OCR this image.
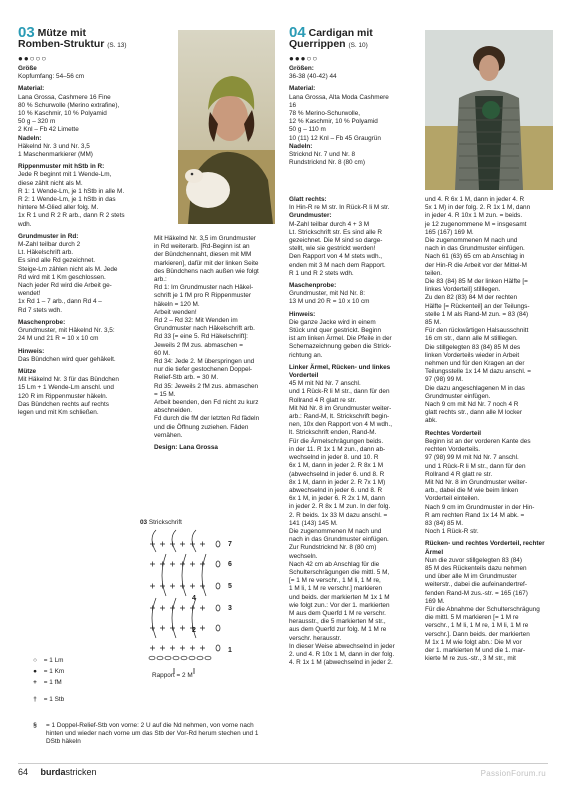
03 Mütze mit
Romben-Struktur (S. 13)
●●○○○
Größe

Kopfumfang: 54–56 cm

Material:
Lana Grossa, Cashmere 16 Fine
80 % Schurwolle (Merino extrafine),
10 % Kaschmir, 10 % Polyamid
50 g – 320 m
2 Knl – Fb 42 Limette
Nadeln:
Häkelnd Nr. 3 und Nr. 3,5
1 Maschenmarkierer (MM)
Rippenmuster mit hStb in R:
Jede R beginnt mit 1 Wende-Lm,
diese zählt nicht als M.
R 1: 1 Wende-Lm, je 1 hStb in alle M.
R 2: 1 Wende-Lm, je 1 hStb in das
hintere M-Glied aller folg. M.
1x R 1 und R 2 R arb., dann R 2 stets
wdh.
Grundmuster in Rd:
M-Zahl teilbar durch 2
Lt. Häkelschrift arb.
Es sind alle Rd gezeichnet.
Steige-Lm zählen nicht als M. Jede
Rd wird mit 1 Km geschlossen.
Nach jeder Rd wird die Arbeit ge-
wendet!
1x Rd 1 – 7 arb., dann Rd 4 –
Rd 7 stets wdh.
Maschenprobe:
Grundmuster, mit Häkelnd Nr. 3,5:
24 M und 21 R = 10 x 10 cm
Hinweis:
Das Bündchen wird quer gehäkelt.
Mütze
Mit Häkelnd Nr. 3 für das Bündchen
15 Lm + 1 Wende-Lm anschl. und
120 R im Rippenmuster häkeln.
Das Bündchen rechts auf rechts
legen und mit Km schließen.
Mit Häkelnd Nr. 3,5 im Grundmuster
in Rd weiterarb. [Rd-Beginn ist an
der Bündchennaht, diesen mit MM
markieren], dafür mit der linken Seite
des Bündchens nach außen wie folgt
arb.:
Rd 1: Im Grundmuster nach Häkel-
schrift je 1 fM pro R Rippenmuster
häkeln = 120 M.
Arbeit wenden!
Rd 2 – Rd 32: Mit Wenden im
Grundmuster nach Häkelschrift arb.
Rd 33 [= eine 5. Rd Häkelschrift]:
Jeweils 2 fM zus. abmaschen =
60 M.
Rd 34: Jede 2. M überspringen und
nur die tiefer gestochenen Doppel-
Relief-Stb arb. = 30 M.
Rd 35: Jeweils 2 fM zus. abmaschen
= 15 M.
Arbeit beenden, den Fd nicht zu kurz
abschneiden.
Fd durch die fM der letzten Rd fädeln
und die Öffnung zuziehen. Fäden
vernähen.

Design: Lana Grossa

03 Strickschrift
7
6
5
4
3
2
1
Rapport = 2 M
○ = 1 Lm
● = 1 Km
+ = 1 fM
† = 1 Stb
§	= 1 Doppel-Relief-Stb von vorne: 2 U auf die Nd nehmen, von vorne nach hinten und wieder nach vorne um das Stb der Vor-Rd herum stechen und 1 DStb häkeln
04 Cardigan mit
Querrippen (S. 10)
●●●○○
Größen:

36-38 (40-42) 44

Material:
Lana Grossa, Alta Moda Cashmere
16
78 % Merino-Schurwolle,
12 % Kaschmir, 10 % Polyamid
50 g – 110 m
10 (11) 12 Knl – Fb 45 Graugrün
Nadeln:
Stricknd Nr. 7 und Nr. 8
Rundstricknd Nr. 8 (80 cm)
Glatt rechts:
In Hin-R re M str. In Rück-R li M str.
Grundmuster:
M-Zahl teilbar durch 4 + 3 M
Lt. Strickschrift str. Es sind alle R
gezeichnet. Die M sind so darge-
stellt, wie sie gestrickt werden!
Den Rapport von 4 M stets wdh.,
enden mit 3 M nach dem Rapport.
R 1 und R 2 stets wdh.
Maschenprobe:
Grundmuster, mit Nd Nr. 8:
13 M und 20 R = 10 x 10 cm
Hinweis:
Die ganze Jacke wird in einem
Stück und quer gestrickt. Beginn
ist am linken Ärmel. Die Pfeile in der
Schemazeichnung geben die Strick-
richtung an.
Linker Ärmel, Rücken- und linkes Vorderteil
45 M mit Nd Nr. 7 anschl.
und 1 Rück-R li M str., dann für den
Rollrand 4 R glatt re str.
Mit Nd Nr. 8 im Grundmuster weiter-
arb.: Rand-M, lt. Strickschrift begin-
nen, 10x den Rapport von 4 M wdh.,
lt. Strickschrift enden, Rand-M.
Für die Ärmelschrägungen beids.
in der 11. R 1x 1 M zun., dann ab-
wechselnd in jeder 8. und 10. R
6x 1 M, dann in jeder 2. R 8x 1 M
(abwechselnd in jeder 6. und 8. R
8x 1 M, dann in jeder 2. R 7x 1 M)
abwechselnd in jeder 6. und 8. R
6x 1 M, in jeder 6. R 2x 1 M, dann
in jeder 2. R 8x 1 M zun. In der folg.
2. R beids. 1x 33 M dazu anschl. =
141 (143) 145 M.
Die zugenommenen M nach und
nach in das Grundmuster einfügen.
Zur Rundstricknd Nr. 8 (80 cm)
wechseln.
Nach 42 cm ab Anschlag für die
Schulterschrägungen die mittl. 5 M,
[= 1 M re verschr., 1 M li, 1 M re,
1 M li, 1 M re verschr.] markieren
und beids. der markierten M 1x 1 M
wie folgt zun.: Vor der 1. markierten
M aus dem Querfd 1 M re verschr.
herausstr., die 5 markierten M str.,
aus dem Querfd zur folg. M 1 M re
verschr. herausstr.
In dieser Weise abwechselnd in jeder
2. und 4. R 10x 1 M, dann in der folg.
4. R 1x 1 M (abwechselnd in jeder 2.
und 4. R 6x 1 M, dann in jeder 4. R
5x 1 M) in der folg. 2. R 1x 1 M, dann
in jeder 4. R 10x 1 M zun. = beids.
je 12 zugenommene M = insgesamt
165 (167) 169 M.
Die zugenommenen M nach und
nach in das Grundmuster einfügen.
Nach 61 (63) 65 cm ab Anschlag in
der Hin-R die Arbeit vor der Mittel-M
teilen.
Die 83 (84) 85 M der linken Hälfte [=
linkes Vorderteil] stilllegen.
Zu den 82 (83) 84 M der rechten
Hälfte [= Rückenteil] an der Teilungs-
stelle 1 M als Rand-M zun. = 83 (84)
85 M.
Für den rückwärtigen Halsausschnitt
16 cm str., dann alle M stilllegen.
Die stillgelegten 83 (84) 85 M des
linken Vorderteils wieder in Arbeit
nehmen und für den Kragen an der
Teilungsstelle 1x 14 M dazu anschl. =
97 (98) 99 M.
Die dazu angeschlagenen M in das
Grundmuster einfügen.
Nach 9 cm mit Nd Nr. 7 noch 4 R
glatt rechts str., dann alle M locker
abk.
Rechtes Vorderteil
Beginn ist an der vorderen Kante des
rechten Vorderteils.
97 (98) 99 M mit Nd Nr. 7 anschl.
und 1 Rück-R li M str., dann für den
Rollrand 4 R glatt re str.
Mit Nd Nr. 8 im Grundmuster weiter-
arb., dabei die M wie beim linken
Vorderteil einteilen.
Nach 9 cm im Grundmuster in der Hin-
R am rechten Rand 1x 14 M abk. =
83 (84) 85 M.
Noch 1 Rück-R str.
Rücken- und rechtes Vorderteil, rechter Ärmel
Nun die zuvor stillgelegten 83 (84)
85 M des Rückenteils dazu nehmen
und über alle M im Grundmuster
weiterstr., dabei die aufeinandertref-
fenden Rand-M zus.-str. = 165 (167)
169 M.
Für die Abnahme der Schulterschrägung
die mittl. 5 M markieren [= 1 M re
verschr., 1 M li, 1 M re, 1 M li, 1 M re
verschr.]. Dann beids. der markierten
M 1x 1 M wie folgt abn.: Die M vor
der 1. markierten M und die 1. mar-
kierte M re zus.-str., 3 M str., mit
64 burdastricken	PassionForum.ru
